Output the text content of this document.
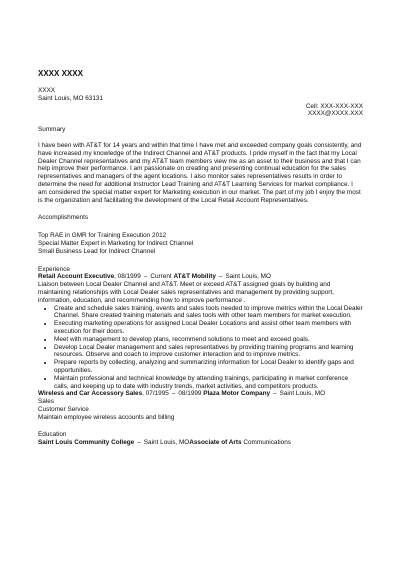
XXXX XXXX
XXXX
Saint Louis, MO 63131
Cell: XXX-XXX-XXX
XXXX@XXXX.XXX
Summary

I have been with AT&T for 14 years and within that time I have met and exceeded company goals consistently, and have increased my knowledge of the Indirect Channel and AT&T products. I pride myself in the fact that my Local Dealer Channel representatives and my AT&T team members view me as an asset to their business and that I can help improve their performance. I am passionate on creating and presenting continual education for the sales representatives and managers of the agent locations. I also monitor sales representatives results in order to determine the need for additional Instructor Lead Training and AT&T Learning Services for market compliance. I am considered the special matter expert for Marketing execution in our market. The part of my job I enjoy the most is the organization and facilitating the development of the Local Retail Account Representatives.

Accomplishments
Top RAE in GMR for Training Execution 2012
Special Matter Expert in Marketing for Indirect Channel
Small Business Lead for Indirect Channel
Experience
Retail Account Executive, 08/1999 – Current AT&T Mobility – Saint Louis, MO

Liaison between Local Dealer Channel and AT&T. Meet or exceed AT&T assigned goals by building and maintaining relationships with Local Dealer sales representatives and management by providing support, information, education, and recommending how to improve performance .

• Create and schedule sales training, events and sales tools needed to improve metrics within the Local Dealer Channel. Share created training materials and sales tools with other team members for market execution.
• Executing marketing operations for assigned Local Dealer Locations and assist other team members with execution for their doors.
• Meet with management to develop plans, recommend solutions to meet and exceed goals.
• Develop Local Dealer management and sales representatives by providing training programs and learning resources. Observe and coach to improve customer interaction and to improve metrics.
• Prepare reports by collecting, analyzing and summarizing information for Local Dealer to identify gaps and opportunities.
• Maintain professional and technical knowledge by attending trainings, participating in market conference calls, and keeping up to date with industry trends, market activities, and competitors products.
Wireless and Car Accessory Sales, 07/1995 – 08/1999 Plaza Motor Company – Saint Louis, MO
Sales
Customer Service
Maintain employee wireless accounts and billing
Education
Saint Louis Community College – Saint Louis, MOAssociate of Arts Communications
